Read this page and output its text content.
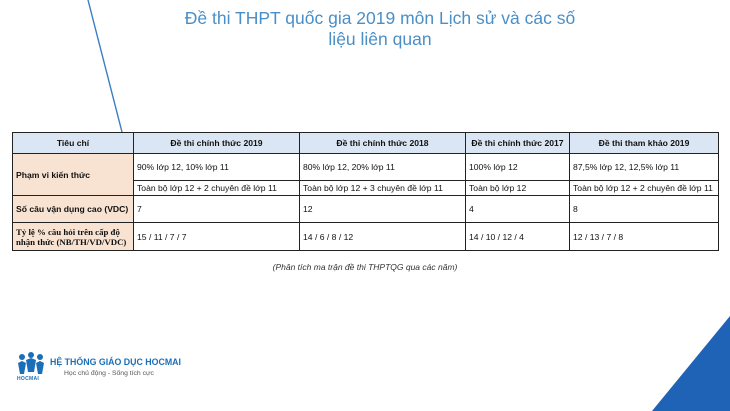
Đề thi THPT quốc gia 2019 môn Lịch sử và các số
liệu liên quan
Tiêu chí	Đề thi chính thức 2019	Đề thi chính thức 2018	Đề thi chính thức 2017	Đề thi tham khảo 2019
Phạm vi kiến thức	90% lớp 12, 10% lớp 11	80% lớp 12, 20% lớp 11	100% lớp 12	87,5% lớp 12, 12,5% lớp 11
	Toàn bộ lớp 12 + 2 chuyên đề lớp 11	Toàn bộ lớp 12 + 3 chuyên đề lớp 11	Toàn bộ lớp 12	Toàn bộ lớp 12 + 2 chuyên đề lớp 11
Số câu vận dụng cao (VDC)	7	12	4	8
Tỷ lệ % câu hỏi trên cấp độ nhận thức (NB/TH/VD/VDC)	15 / 11 / 7 / 7	14 / 6 / 8 / 12	14 / 10 / 12 / 4	12 / 13 / 7 / 8
(Phân tích ma trận đề thi THPTQG qua các năm)
HOCMAI
HỆ THỐNG GIÁO DỤC HOCMAI
Học chủ động - Sống tích cực
